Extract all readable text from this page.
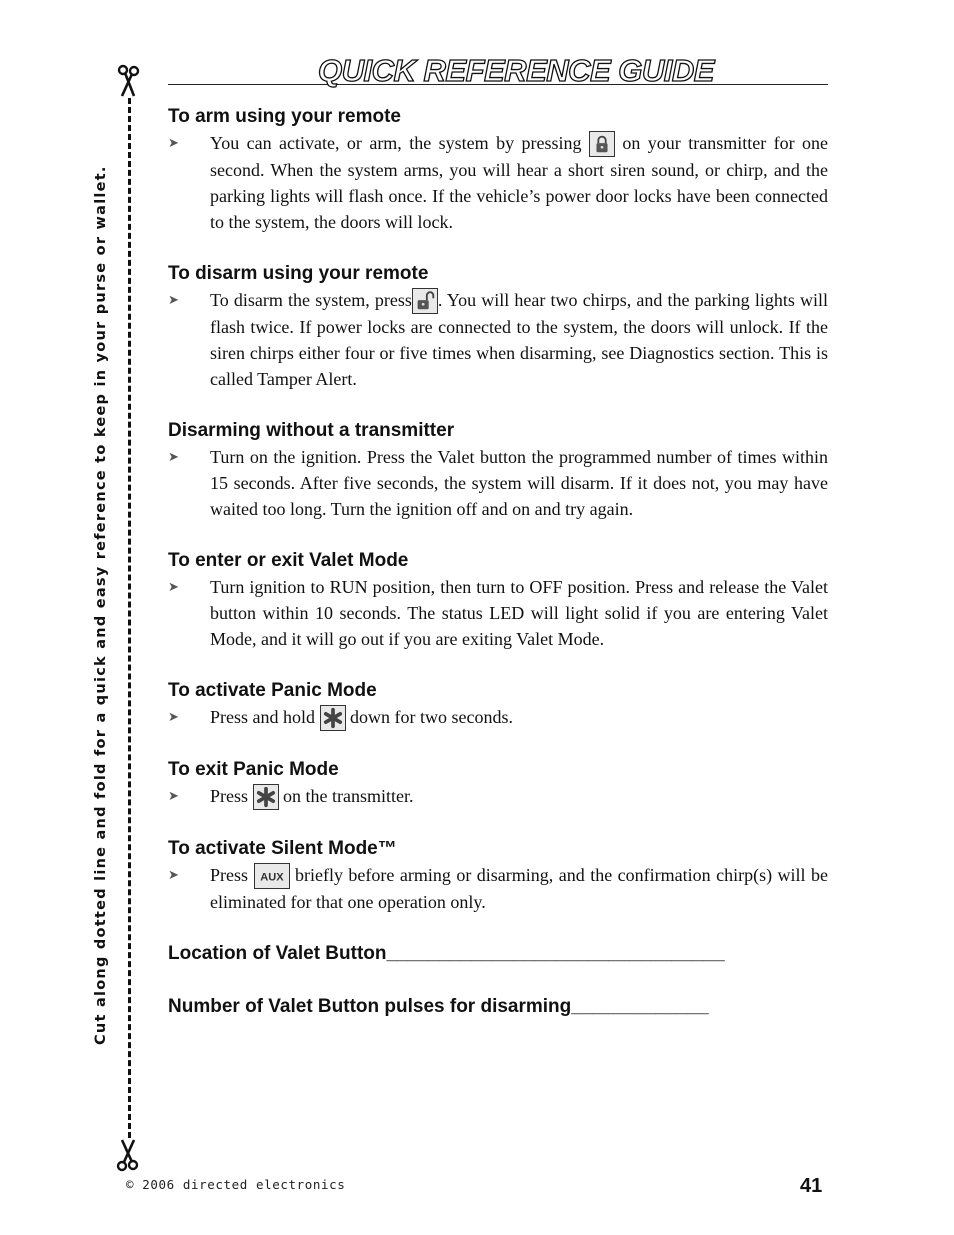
QUICK REFERENCE GUIDE
Cut along dotted line and fold for a quick and easy reference to keep in your purse or wallet.
To arm using your remote
➤ You can activate, or arm, the system by pressing on your transmitter for one second. When the system arms, you will hear a short siren sound, or chirp, and the parking lights will flash once. If the vehicle’s power door locks have been connected to the system, the doors will lock.
To disarm using your remote
➤ To disarm the system, press . You will hear two chirps, and the parking lights will flash twice. If power locks are connected to the system, the doors will unlock. If the siren chirps either four or five times when disarming, see Diagnostics section. This is called Tamper Alert.
Disarming without a transmitter
➤ Turn on the ignition. Press the Valet button the programmed number of times within 15 seconds. After five seconds, the system will disarm. If it does not, you may have waited too long. Turn the ignition off and on and try again.
To enter or exit Valet Mode
➤ Turn ignition to RUN position, then turn to OFF position. Press and release the Valet button within 10 seconds. The status LED will light solid if you are entering Valet Mode, and it will go out if you are exiting Valet Mode.
To activate Panic Mode
➤ Press and hold down for two seconds.
To exit Panic Mode
➤ Press on the transmitter.
To activate Silent Mode™
➤ Press AUX briefly before arming or disarming, and the confirmation chirp(s) will be eliminated for that one operation only.

Location of Valet Button________________________________

Number of Valet Button pulses for disarming_____________

© 2006 directed electronics	41
